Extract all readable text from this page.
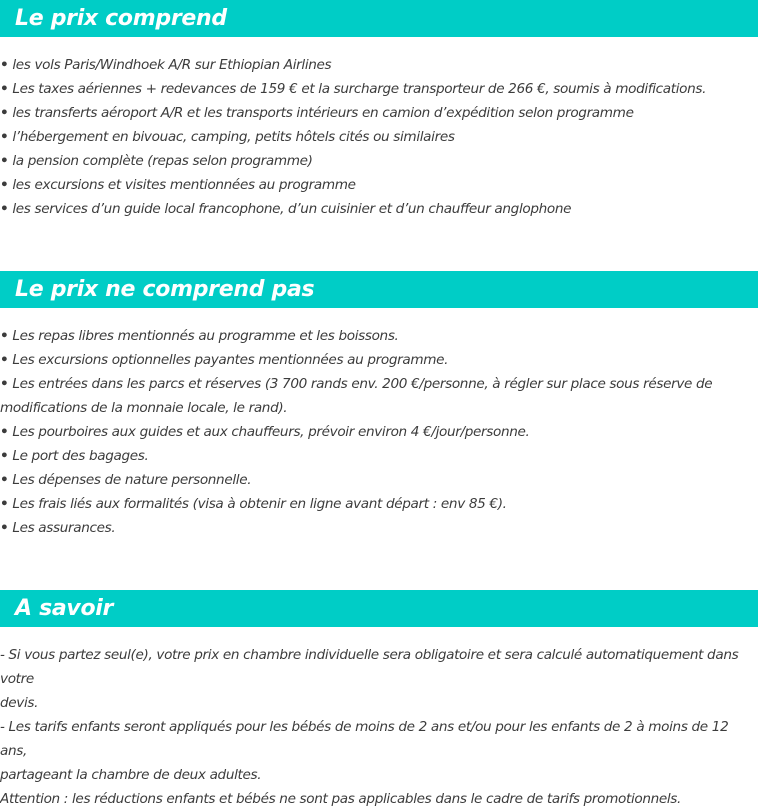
Le prix comprend
• les vols Paris/Windhoek A/R sur Ethiopian Airlines
• Les taxes aériennes + redevances de 159 € et la surcharge transporteur de 266 €, soumis à modifications.
• les transferts aéroport A/R et les transports intérieurs en camion d’expédition selon programme
• l’hébergement en bivouac, camping, petits hôtels cités ou similaires
• la pension complète (repas selon programme)
• les excursions et visites mentionnées au programme
• les services d’un guide local francophone, d’un cuisinier et d’un chauffeur anglophone
Le prix ne comprend pas
• Les repas libres mentionnés au programme et les boissons.
• Les excursions optionnelles payantes mentionnées au programme.
• Les entrées dans les parcs et réserves (3 700 rands env. 200 €/personne, à régler sur place sous réserve de
modifications de la monnaie locale, le rand).
• Les pourboires aux guides et aux chauffeurs, prévoir environ 4 €/jour/personne.
• Le port des bagages.
• Les dépenses de nature personnelle.
• Les frais liés aux formalités (visa à obtenir en ligne avant départ : env 85 €).
• Les assurances.
A savoir
- Si vous partez seul(e), votre prix en chambre individuelle sera obligatoire et sera calculé automatiquement dans votre
devis.
- Les tarifs enfants seront appliqués pour les bébés de moins de 2 ans et/ou pour les enfants de 2 à moins de 12 ans,
partageant la chambre de deux adultes.
Attention : les réductions enfants et bébés ne sont pas applicables dans le cadre de tarifs promotionnels.
